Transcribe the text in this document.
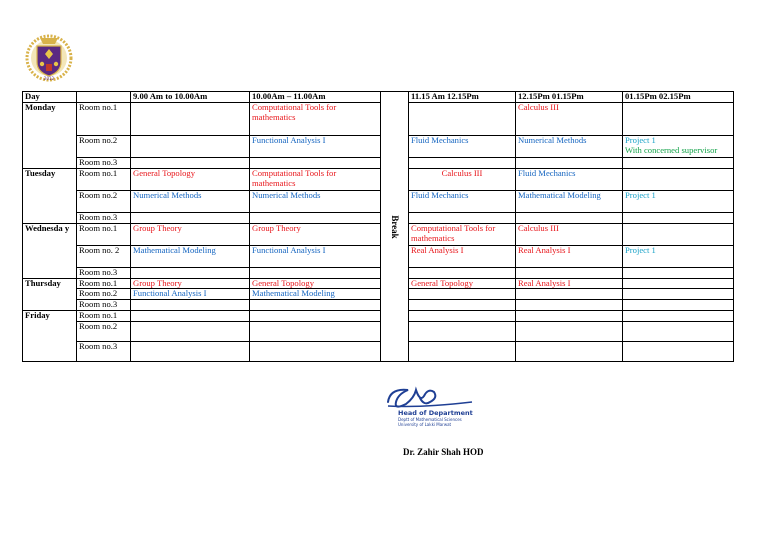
2012
Day		9.00 Am to 10.00Am	10.00Am – 11.00Am	Break	11.15 Am 12.15Pm	12.15Pm 01.15Pm	01.15Pm 02.15Pm
Monday	Room no.1		Computational Tools for mathematics			Calculus III	
	Room no.2		Functional Analysis I		Fluid Mechanics	Numerical Methods	Project 1
With concerned supervisor

	Room no.3						
Tuesday	Room no.1	General Topology	Computational Tools for mathematics		Calculus III	Fluid Mechanics	
	Room no.2	Numerical Methods	Numerical Methods		Fluid Mechanics	Mathematical Modeling	Project 1
	Room no.3						
Wednesda y	Room no.1	Group Theory	Group Theory		Computational Tools for mathematics	Calculus III	
	Room no. 2	Mathematical Modeling	Functional Analysis I		Real Analysis I	Real Analysis I	Project 1
	Room no.3						
Thursday	Room no.1	Group Theory	General Topology		General Topology	Real Analysis I	
	Room no.2	Functional Analysis I	Mathematical Modeling				
	Room no.3						
Friday	Room no.1						
	Room no.2						
	Room no.3						
Head of Department
Deptt of Mathematical Sciences
University of Lakki Marwat
Dr. Zahir Shah HOD
